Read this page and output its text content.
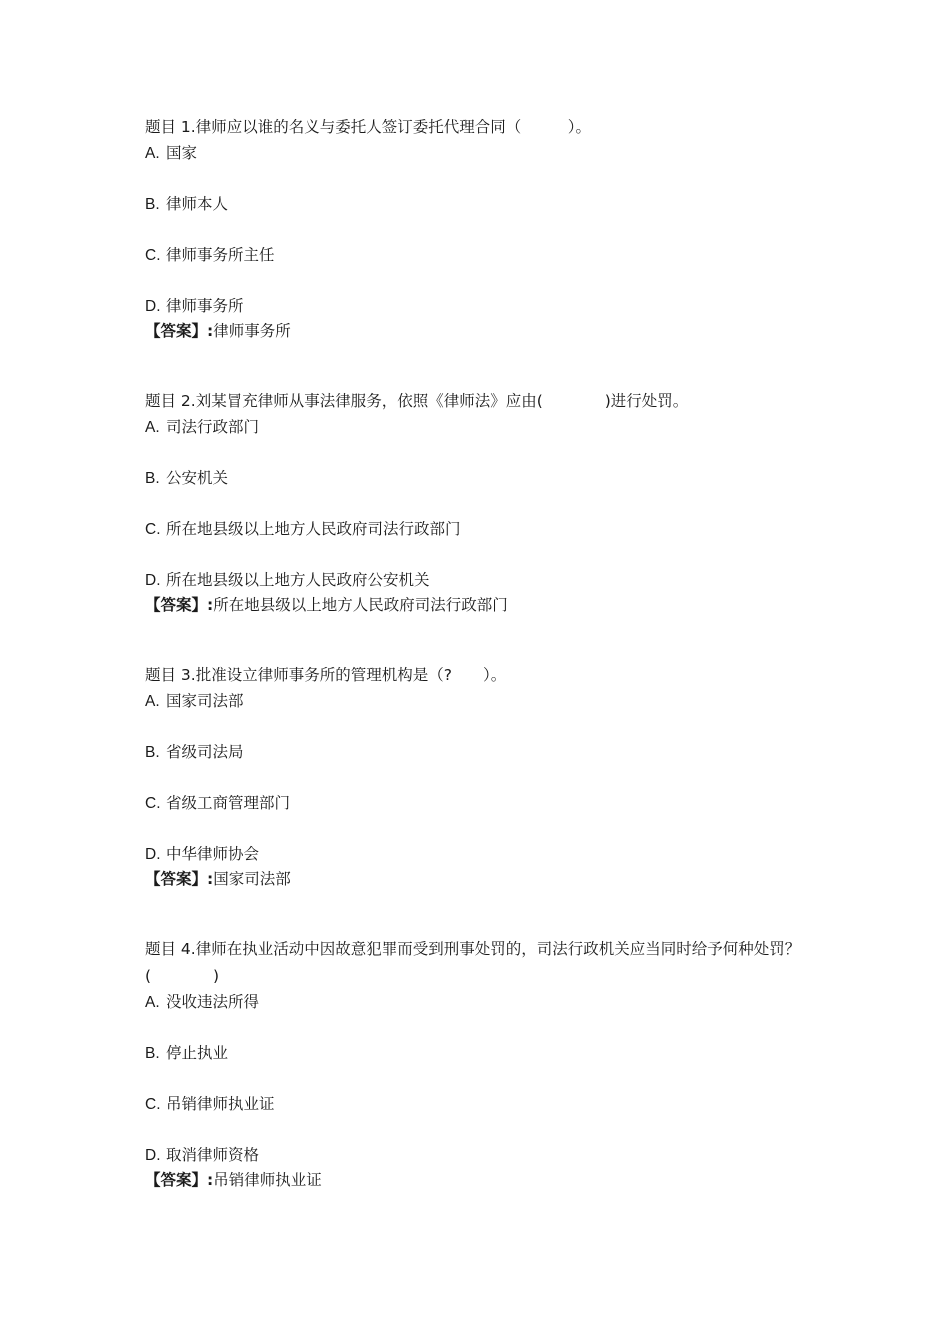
题目 1.律师应以谁的名义与委托人签订委托代理合同（　　　）。

A. 国家

B. 律师本人

C. 律师事务所主任

D. 律师事务所

【答案】:律师事务所

题目 2.刘某冒充律师从事法律服务，依照《律师法》应由(　　　　)进行处罚。

A. 司法行政部门

B. 公安机关

C. 所在地县级以上地方人民政府司法行政部门

D. 所在地县级以上地方人民政府公安机关

【答案】:所在地县级以上地方人民政府司法行政部门

题目 3.批准设立律师事务所的管理机构是（?　　）。

A. 国家司法部

B. 省级司法局

C. 省级工商管理部门

D. 中华律师协会

【答案】:国家司法部

题目 4.律师在执业活动中因故意犯罪而受到刑事处罚的，司法行政机关应当同时给予何种处罚？(　　　　)

A. 没收违法所得

B. 停止执业

C. 吊销律师执业证

D. 取消律师资格

【答案】:吊销律师执业证
